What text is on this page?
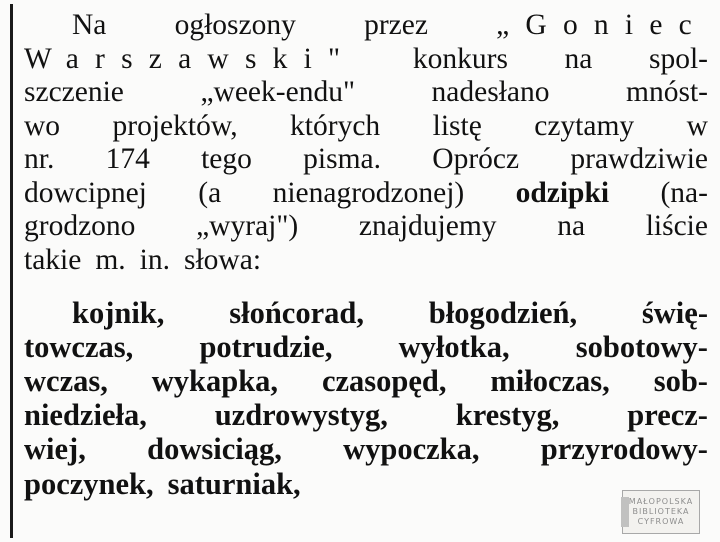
Na ogłoszony przez „Goniec
Warszawski" konkurs na spol-
szczenie	„week-endu"	nadesłano	mnóst-
wo projektów, których listę czytamy w
nr. 174 tego pisma. Oprócz prawdziwie
dowcipnej (a nienagrodzonej) odzipki (na-
grodzono „wyraj") znajdujemy na liście
takie m. in. słowa:
kojnik, słońcorad, błogodzień, świę-
towczas, potrudzie, wyłotka, sobotowy-
wczas, wykapka, czasopęd, miłoczas, sob-
niedzieła, uzdrowystyg, krestyg, precz-
wiej, dowsiciąg, wypoczka, przyrodowy-
poczynek, saturniak,
MAŁOPOLSKA
BIBLIOTEKA
CYFROWA
